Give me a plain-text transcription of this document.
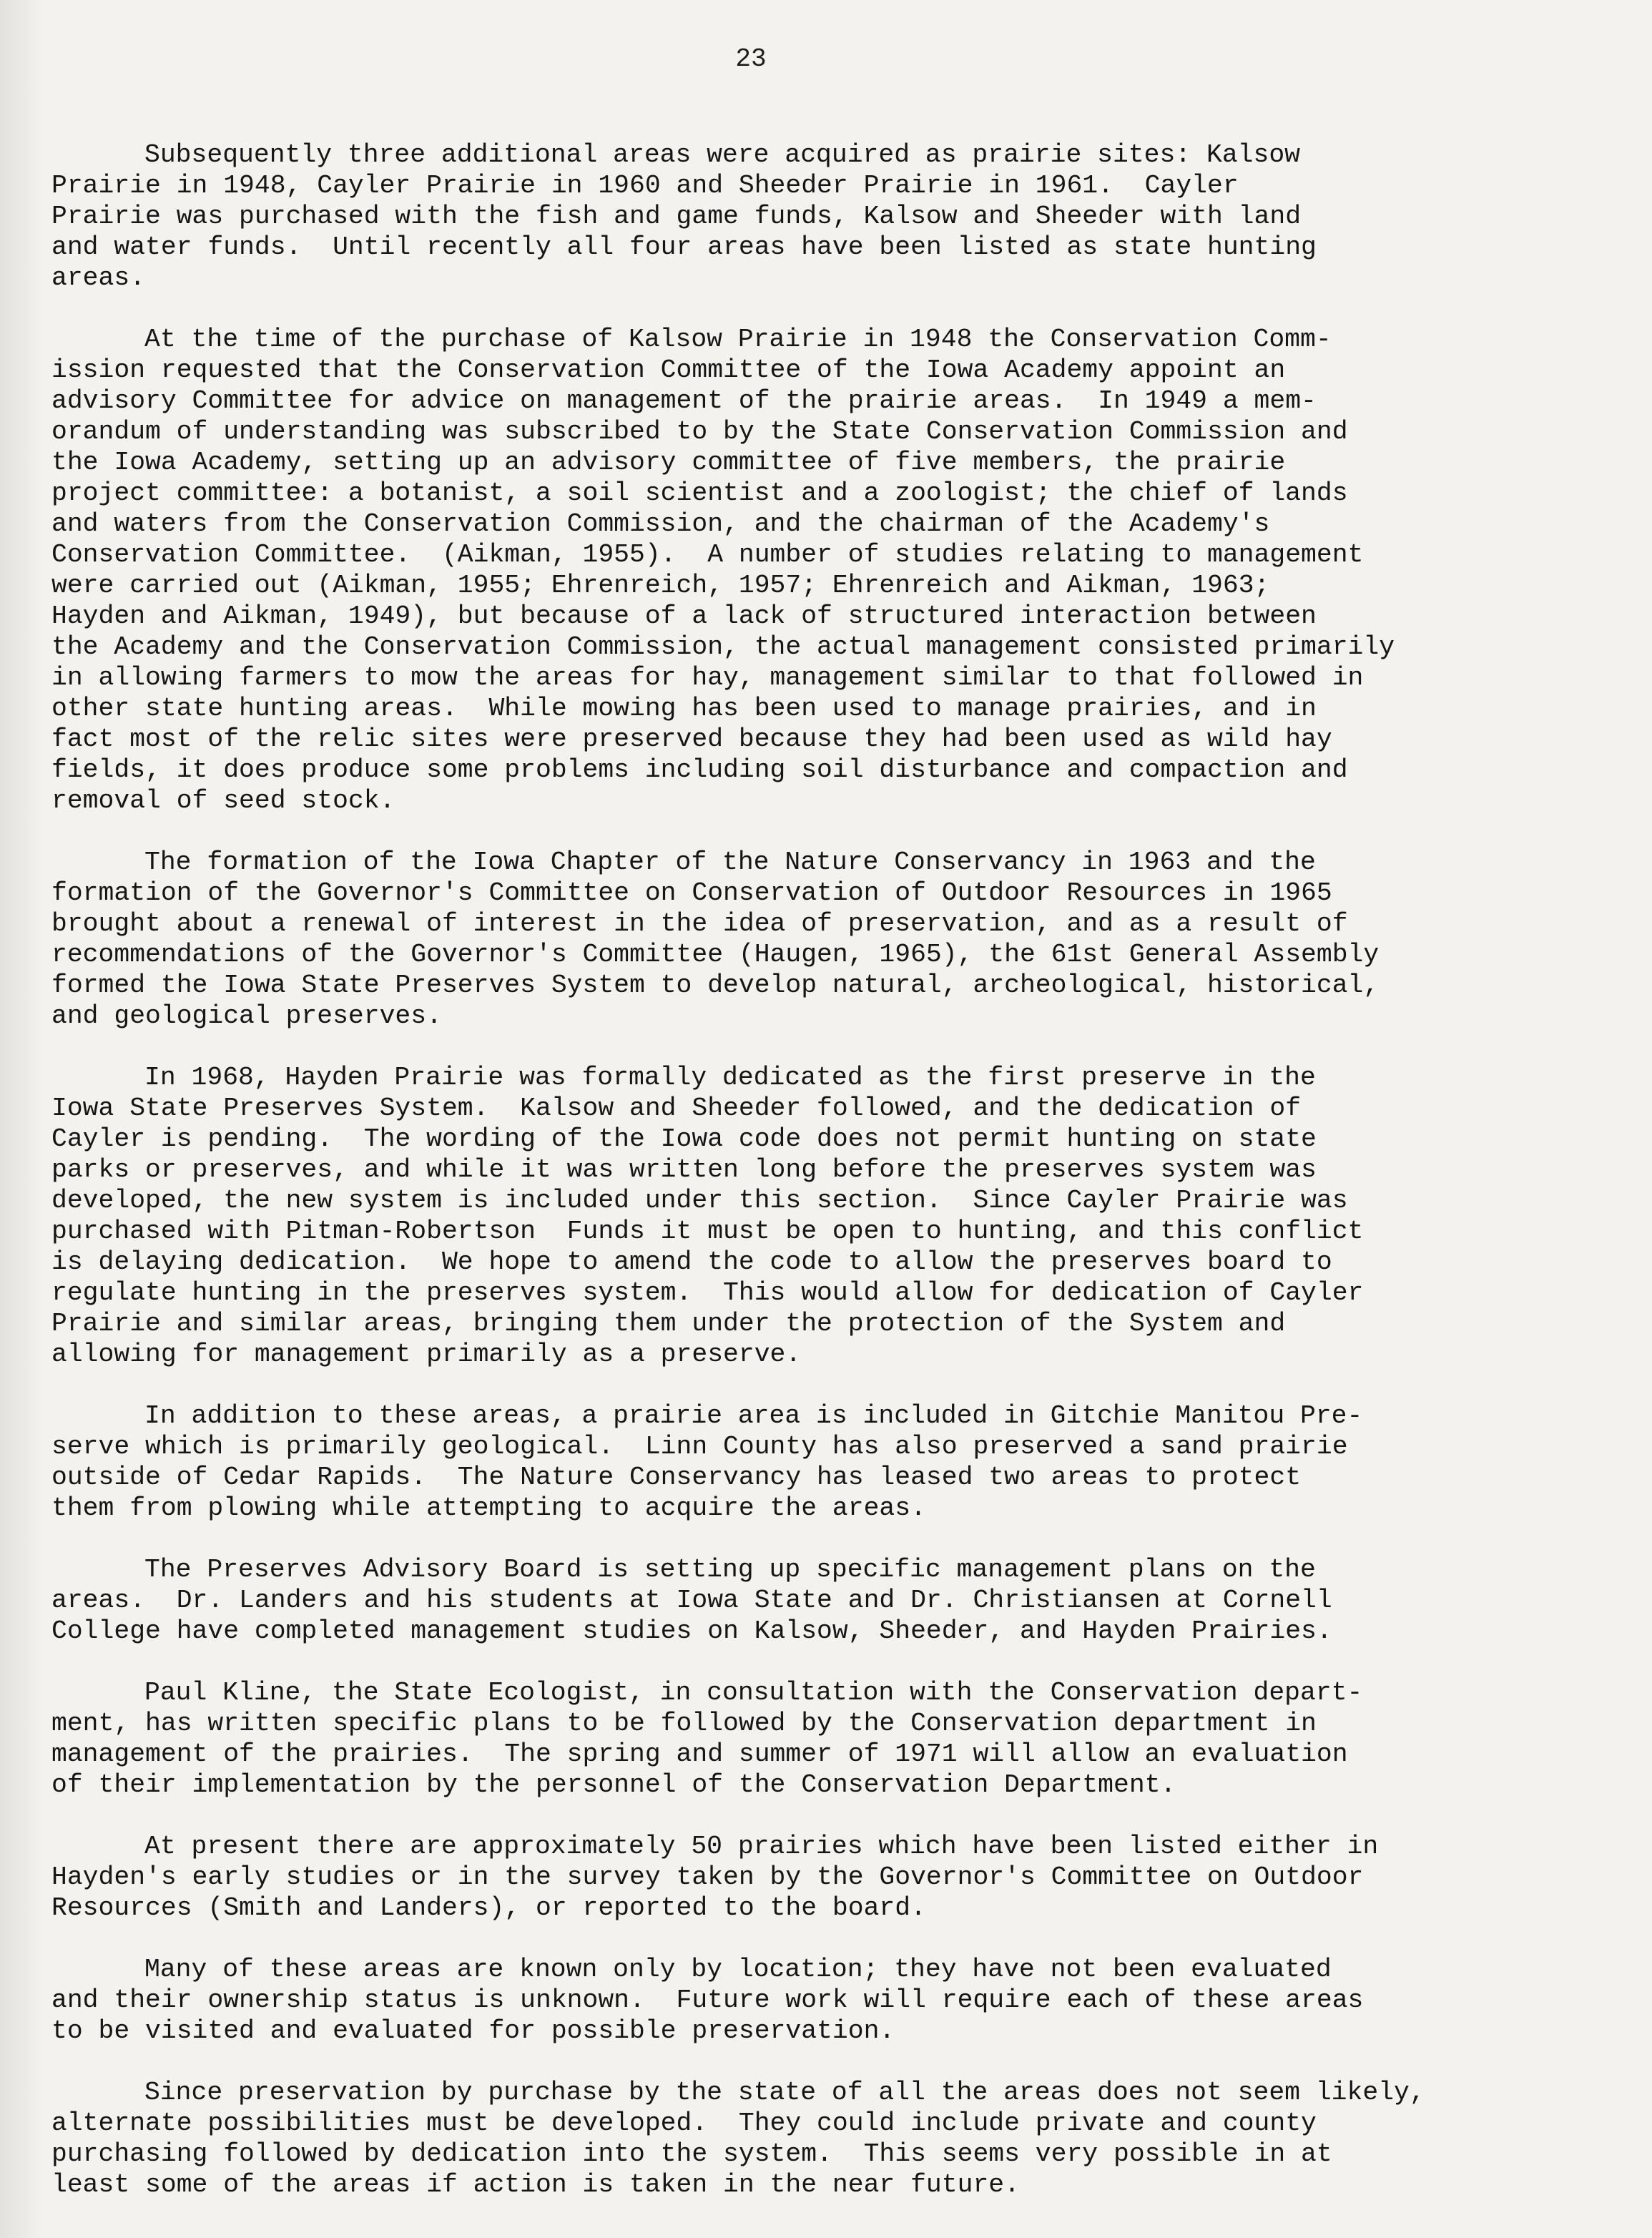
23
Subsequently three additional areas were acquired as prairie sites: Kalsow
Prairie in 1948, Cayler Prairie in 1960 and Sheeder Prairie in 1961.  Cayler
Prairie was purchased with the fish and game funds, Kalsow and Sheeder with land
and water funds.  Until recently all four areas have been listed as state hunting
areas.
At the time of the purchase of Kalsow Prairie in 1948 the Conservation Comm-
ission requested that the Conservation Committee of the Iowa Academy appoint an
advisory Committee for advice on management of the prairie areas.  In 1949 a mem-
orandum of understanding was subscribed to by the State Conservation Commission and
the Iowa Academy, setting up an advisory committee of five members, the prairie
project committee: a botanist, a soil scientist and a zoologist; the chief of lands
and waters from the Conservation Commission, and the chairman of the Academy's
Conservation Committee.  (Aikman, 1955).  A number of studies relating to management
were carried out (Aikman, 1955; Ehrenreich, 1957; Ehrenreich and Aikman, 1963;
Hayden and Aikman, 1949), but because of a lack of structured interaction between
the Academy and the Conservation Commission, the actual management consisted primarily
in allowing farmers to mow the areas for hay, management similar to that followed in
other state hunting areas.  While mowing has been used to manage prairies, and in
fact most of the relic sites were preserved because they had been used as wild hay
fields, it does produce some problems including soil disturbance and compaction and
removal of seed stock.
The formation of the Iowa Chapter of the Nature Conservancy in 1963 and the
formation of the Governor's Committee on Conservation of Outdoor Resources in 1965
brought about a renewal of interest in the idea of preservation, and as a result of
recommendations of the Governor's Committee (Haugen, 1965), the 61st General Assembly
formed the Iowa State Preserves System to develop natural, archeological, historical,
and geological preserves.
In 1968, Hayden Prairie was formally dedicated as the first preserve in the
Iowa State Preserves System.  Kalsow and Sheeder followed, and the dedication of
Cayler is pending.  The wording of the Iowa code does not permit hunting on state
parks or preserves, and while it was written long before the preserves system was
developed, the new system is included under this section.  Since Cayler Prairie was
purchased with Pitman-Robertson  Funds it must be open to hunting, and this conflict
is delaying dedication.  We hope to amend the code to allow the preserves board to
regulate hunting in the preserves system.  This would allow for dedication of Cayler
Prairie and similar areas, bringing them under the protection of the System and
allowing for management primarily as a preserve.
In addition to these areas, a prairie area is included in Gitchie Manitou Pre-
serve which is primarily geological.  Linn County has also preserved a sand prairie
outside of Cedar Rapids.  The Nature Conservancy has leased two areas to protect
them from plowing while attempting to acquire the areas.
The Preserves Advisory Board is setting up specific management plans on the
areas.  Dr. Landers and his students at Iowa State and Dr. Christiansen at Cornell
College have completed management studies on Kalsow, Sheeder, and Hayden Prairies.
Paul Kline, the State Ecologist, in consultation with the Conservation depart-
ment, has written specific plans to be followed by the Conservation department in
management of the prairies.  The spring and summer of 1971 will allow an evaluation
of their implementation by the personnel of the Conservation Department.
At present there are approximately 50 prairies which have been listed either in
Hayden's early studies or in the survey taken by the Governor's Committee on Outdoor
Resources (Smith and Landers), or reported to the board.
Many of these areas are known only by location; they have not been evaluated
and their ownership status is unknown.  Future work will require each of these areas
to be visited and evaluated for possible preservation.
Since preservation by purchase by the state of all the areas does not seem likely,
alternate possibilities must be developed.  They could include private and county
purchasing followed by dedication into the system.  This seems very possible in at
least some of the areas if action is taken in the near future.
